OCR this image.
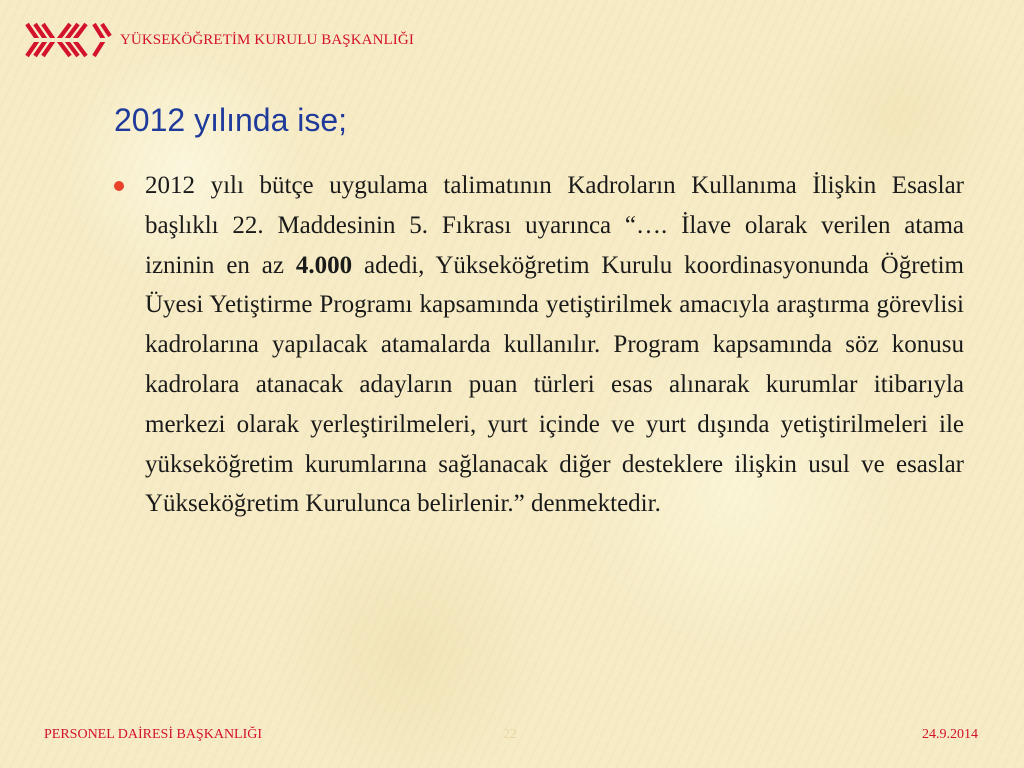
YÜKSEKÖĞRETİM KURULU BAŞKANLIĞI
2012 yılında ise;

2012 yılı bütçe uygulama talimatının Kadroların Kullanıma İlişkin Esaslar başlıklı 22. Maddesinin 5. Fıkrası uyarınca “…. İlave olarak verilen atama izninin en az 4.000 adedi, Yükseköğretim Kurulu koordinasyonunda Öğretim Üyesi Yetiştirme Programı kapsamında yetiştirilmek amacıyla araştırma görevlisi kadrolarına yapılacak atamalarda kullanılır. Program kapsamında söz konusu kadrolara atanacak adayların puan türleri esas alınarak kurumlar itibarıyla merkezi olarak yerleştirilmeleri, yurt içinde ve yurt dışında yetiştirilmeleri ile yükseköğretim kurumlarına sağlanacak diğer desteklere ilişkin usul ve esaslar Yükseköğretim Kurulunca belirlenir.” denmektedir.

PERSONEL DAİRESİ BAŞKANLIĞI	22	24.9.2014
